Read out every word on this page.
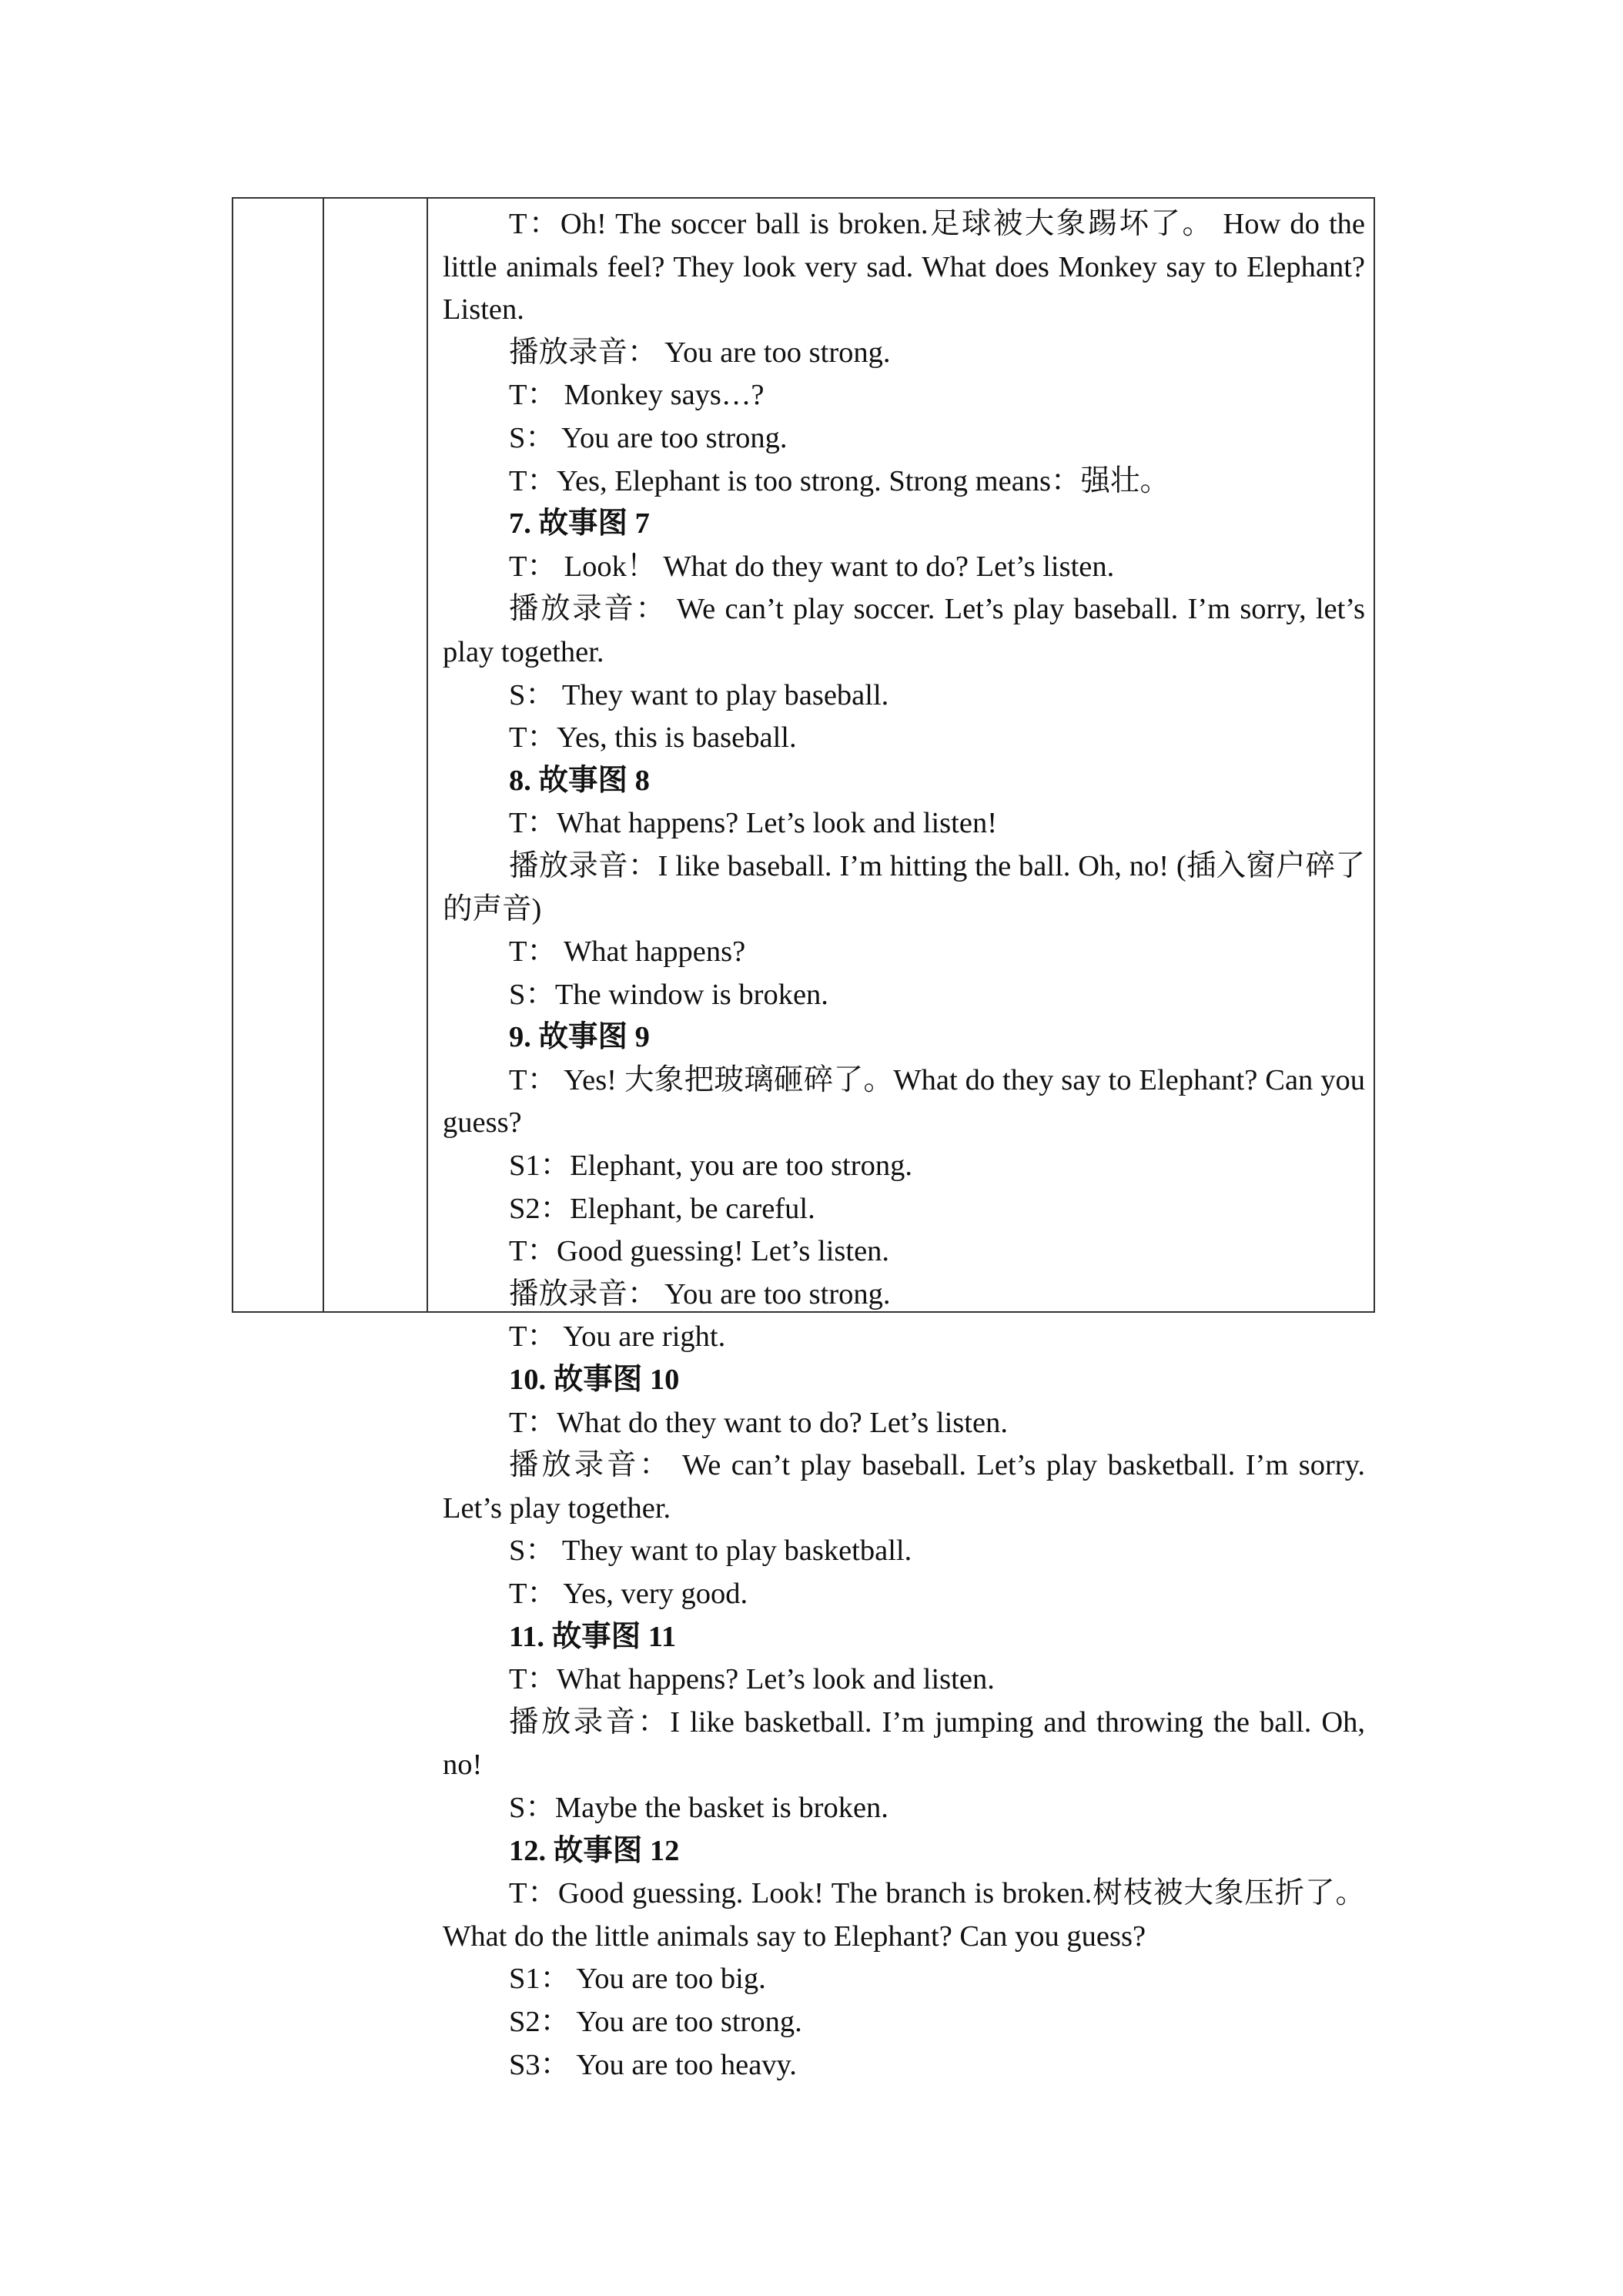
T：Oh! The soccer ball is broken.足球被大象踢坏了。 How do the little animals feel? They look very sad. What does Monkey say to Elephant? Listen.
播放录音： You are too strong.
T： Monkey says…?
S： You are too strong.
T：Yes, Elephant is too strong. Strong means：强壮。
7. 故事图 7
T： Look！ What do they want to do? Let’s listen.
播放录音： We can’t play soccer. Let’s play baseball. I’m sorry, let’s play together.
S： They want to play baseball.
T：Yes, this is baseball.
8. 故事图 8
T：What happens? Let’s look and listen!
播放录音：I like baseball. I’m hitting the ball. Oh, no! (插入窗户碎了的声音)
T： What happens?
S：The window is broken.
9. 故事图 9
T： Yes! 大象把玻璃砸碎了。What do they say to Elephant? Can you guess?
S1：Elephant, you are too strong.
S2：Elephant, be careful.
T：Good guessing! Let’s listen.
播放录音： You are too strong.
T： You are right.
10. 故事图 10
T：What do they want to do? Let’s listen.
播放录音： We can’t play baseball. Let’s play basketball. I’m sorry. Let’s play together.
S： They want to play basketball.
T： Yes, very good.
11. 故事图 11
T：What happens? Let’s look and listen.
播放录音：I like basketball. I’m jumping and throwing the ball. Oh, no!
S：Maybe the basket is broken.
12. 故事图 12
T：Good guessing. Look! The branch is broken.树枝被大象压折了。What do the little animals say to Elephant? Can you guess?
S1： You are too big.
S2： You are too strong.
S3： You are too heavy.
